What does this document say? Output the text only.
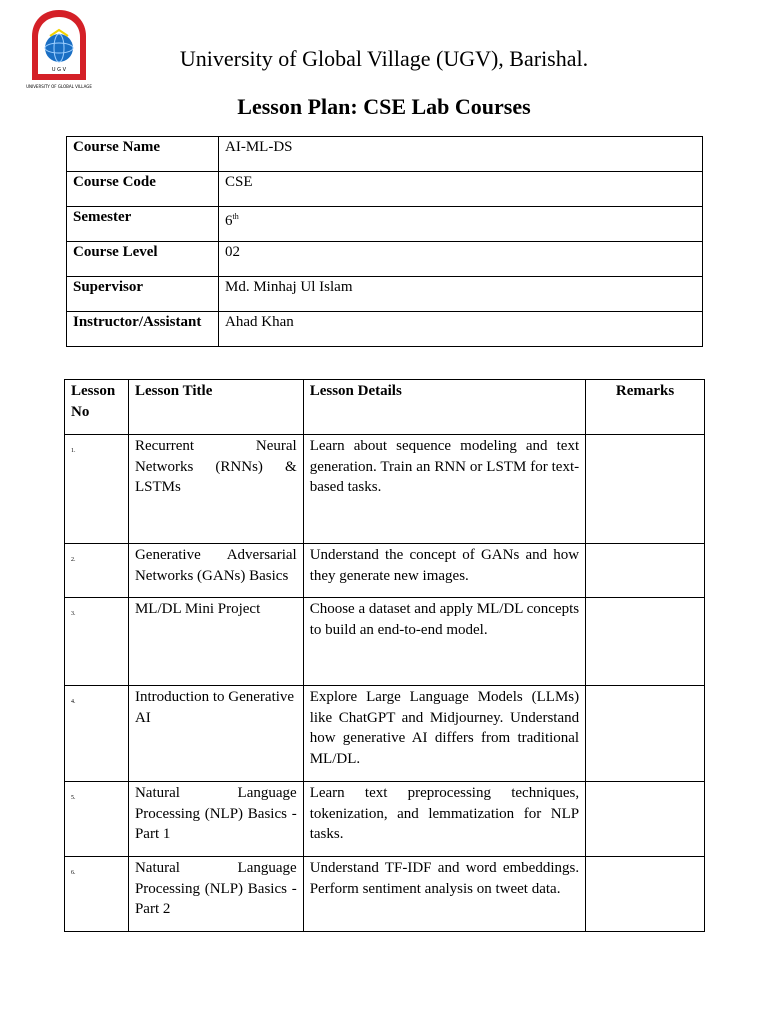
U G V
UNIVERSITY OF GLOBAL VILLAGE
University of Global Village (UGV), Barishal.
Lesson Plan: CSE Lab Courses
Course Name	AI-ML-DS
Course Code	CSE
Semester	6th
Course Level	02
Supervisor	Md. Minhaj Ul Islam
Instructor/Assistant	Ahad Khan
Lesson No	Lesson Title	Lesson Details	Remarks
1.	Recurrent Neural Networks (RNNs) & LSTMs	Learn about sequence modeling and text generation. Train an RNN or LSTM for text-based tasks.	
2.	Generative Adversarial Networks (GANs) Basics	Understand the concept of GANs and how they generate new images.	
3.	ML/DL Mini Project	Choose a dataset and apply ML/DL concepts to build an end-to-end model.	
4.	Introduction to Generative AI	Explore Large Language Models (LLMs) like ChatGPT and Midjourney. Understand how generative AI differs from traditional ML/DL.	
5.	Natural Language Processing (NLP) Basics - Part 1	Learn text preprocessing techniques, tokenization, and lemmatization for NLP tasks.	
6.	Natural Language Processing (NLP) Basics - Part 2	Understand TF-IDF and word embeddings. Perform sentiment analysis on tweet data.	
